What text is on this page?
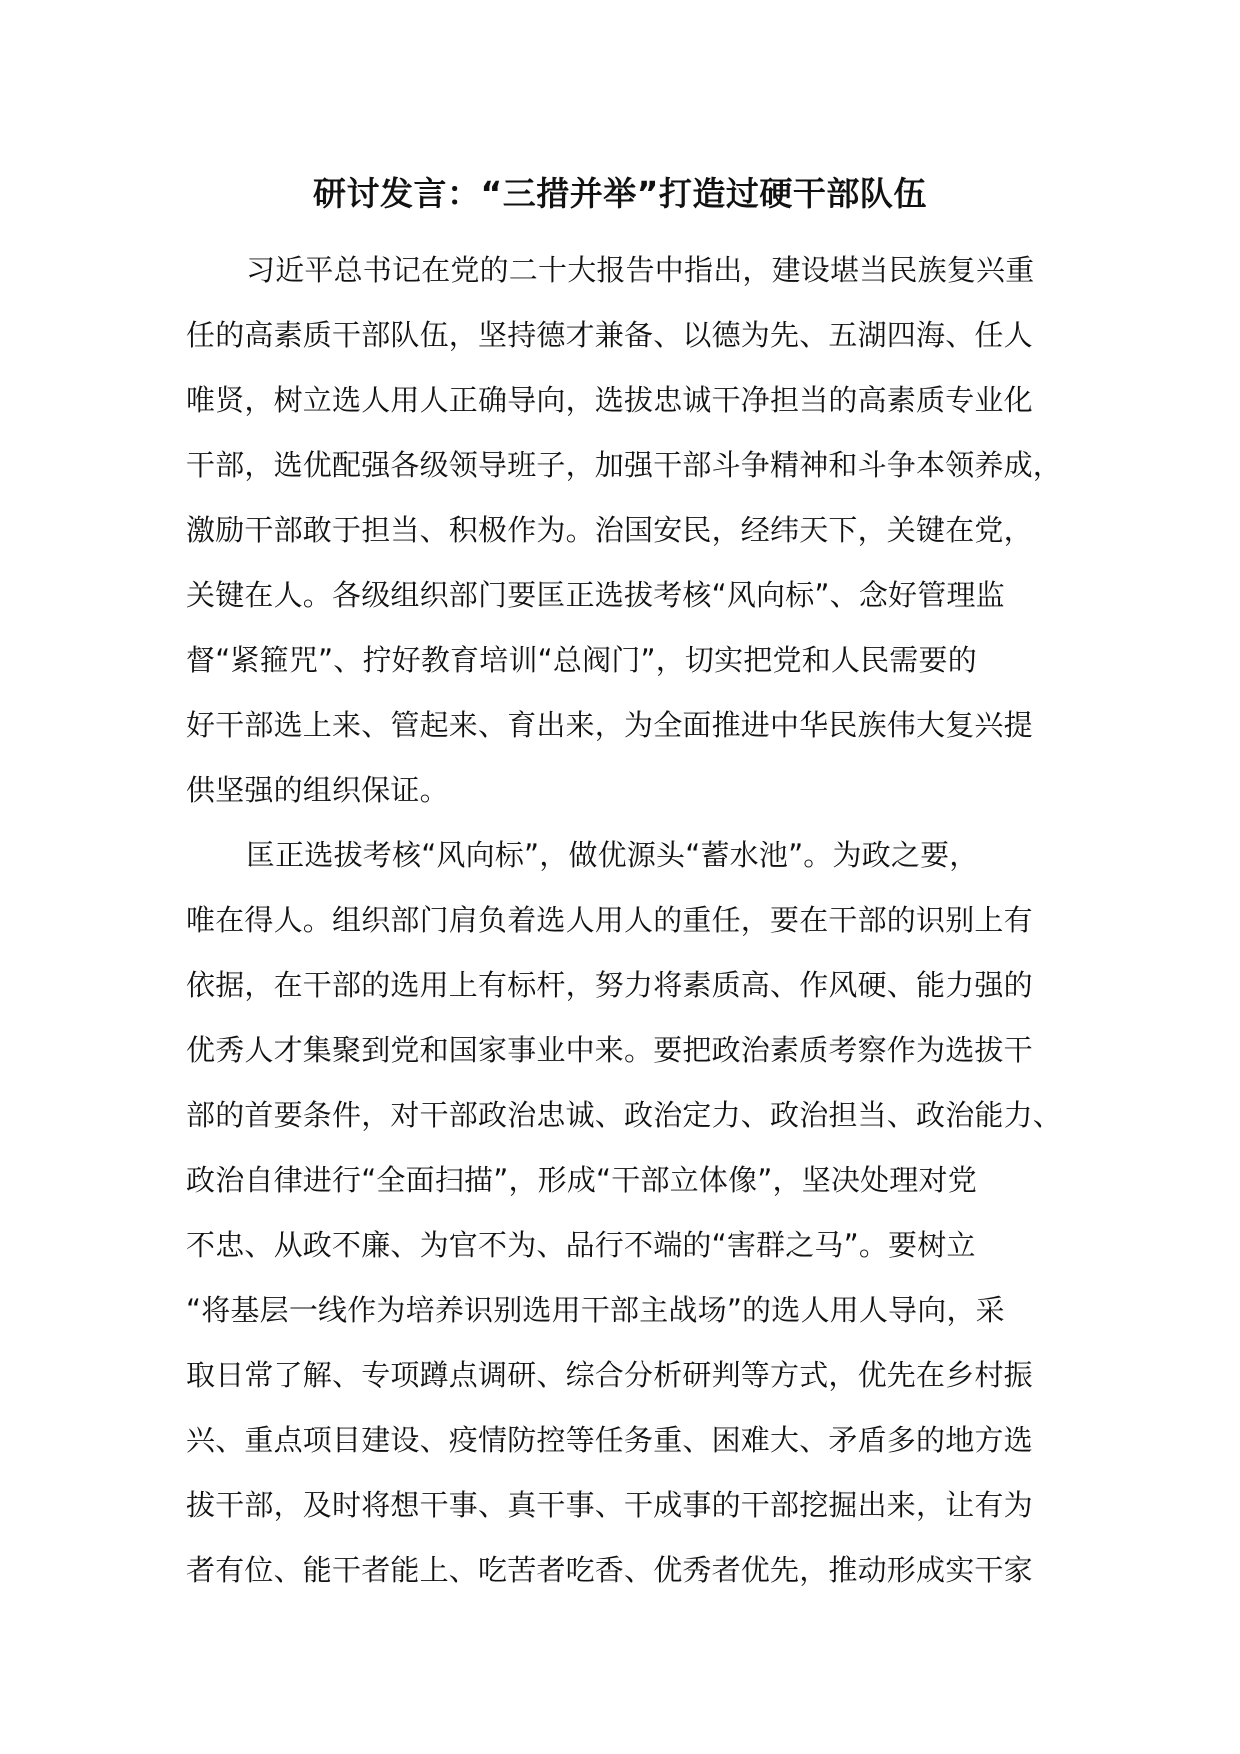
研讨发言：“三措并举”打造过硬干部队伍
习近平总书记在党的二十大报告中指出，建设堪当民族复兴重
任的高素质干部队伍，坚持德才兼备、以德为先、五湖四海、任人
唯贤，树立选人用人正确导向，选拔忠诚干净担当的高素质专业化
干部，选优配强各级领导班子，加强干部斗争精神和斗争本领养成，
激励干部敢于担当、积极作为。治国安民，经纬天下，关键在党，
关键在人。各级组织部门要匡正选拔考核“风向标”、念好管理监
督“紧箍咒”、拧好教育培训“总阀门”，切实把党和人民需要的
好干部选上来、管起来、育出来，为全面推进中华民族伟大复兴提
供坚强的组织保证。
匡正选拔考核“风向标”，做优源头“蓄水池”。为政之要，
唯在得人。组织部门肩负着选人用人的重任，要在干部的识别上有
依据，在干部的选用上有标杆，努力将素质高、作风硬、能力强的
优秀人才集聚到党和国家事业中来。要把政治素质考察作为选拔干
部的首要条件，对干部政治忠诚、政治定力、政治担当、政治能力、
政治自律进行“全面扫描”，形成“干部立体像”，坚决处理对党
不忠、从政不廉、为官不为、品行不端的“害群之马”。要树立
“将基层一线作为培养识别选用干部主战场”的选人用人导向，采
取日常了解、专项蹲点调研、综合分析研判等方式，优先在乡村振
兴、重点项目建设、疫情防控等任务重、困难大、矛盾多的地方选
拔干部，及时将想干事、真干事、干成事的干部挖掘出来，让有为
者有位、能干者能上、吃苦者吃香、优秀者优先，推动形成实干家
